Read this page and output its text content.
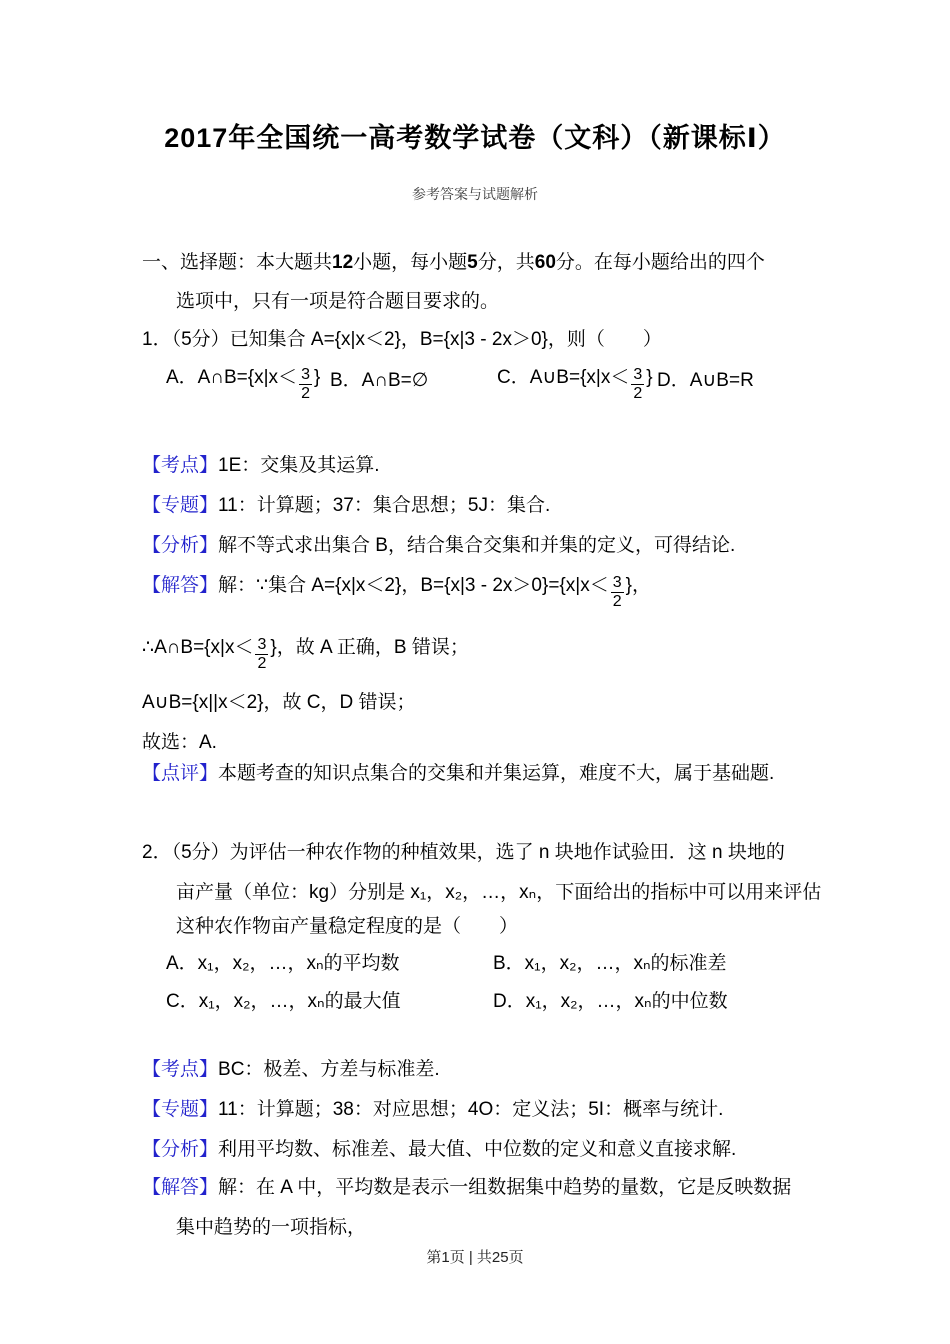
2017年全国统一高考数学试卷（文科）（新课标Ⅰ）
参考答案与试题解析
一、选择题：本大题共12小题，每小题5分，共60分。在每小题给出的四个
选项中，只有一项是符合题目要求的。
1．（5分）已知集合 A={x|x＜2}，B={x|3 - 2x＞0}，则（　　）
A．A∩B={x|x＜ $\frac{3}{2}$ } B．A∩B=∅	C．A∪B={x|x＜ $\frac{3}{2}$ } D．A∪B=R
【考点】1E：交集及其运算.
【专题】11：计算题；37：集合思想；5J：集合.
【分析】解不等式求出集合 B，结合集合交集和并集的定义，可得结论.
【解答】解：∵集合 A={x|x＜2}，$B=\{x|3 - 2x>0\}=\{x|x< \frac{3}{2}$ }，
∴A∩B={x|x＜ $\frac{3}{2}$ }，故 A 正确，B 错误；
A∪B={x||x＜2}，故 C，D 错误；
故选：A.
【点评】本题考查的知识点集合的交集和并集运算，难度不大，属于基础题.
2．（5分）为评估一种农作物的种植效果，选了 n 块地作试验田．这 n 块地的
亩产量（单位：kg）分别是 x₁，x₂，…，xₙ，下面给出的指标中可以用来评估
这种农作物亩产量稳定程度的是（　　）
A．x₁，x₂，…，xₙ的平均数	B．x₁，x₂，…，xₙ的标准差
C．x₁，x₂，…，xₙ的最大值	D．x₁，x₂，…，xₙ的中位数
【考点】BC：极差、方差与标准差.
【专题】11：计算题；38：对应思想；4O：定义法；5I：概率与统计.
【分析】利用平均数、标准差、最大值、中位数的定义和意义直接求解.
【解答】解：在 A 中，平均数是表示一组数据集中趋势的量数，它是反映数据
集中趋势的一项指标，
第1页 | 共25页
